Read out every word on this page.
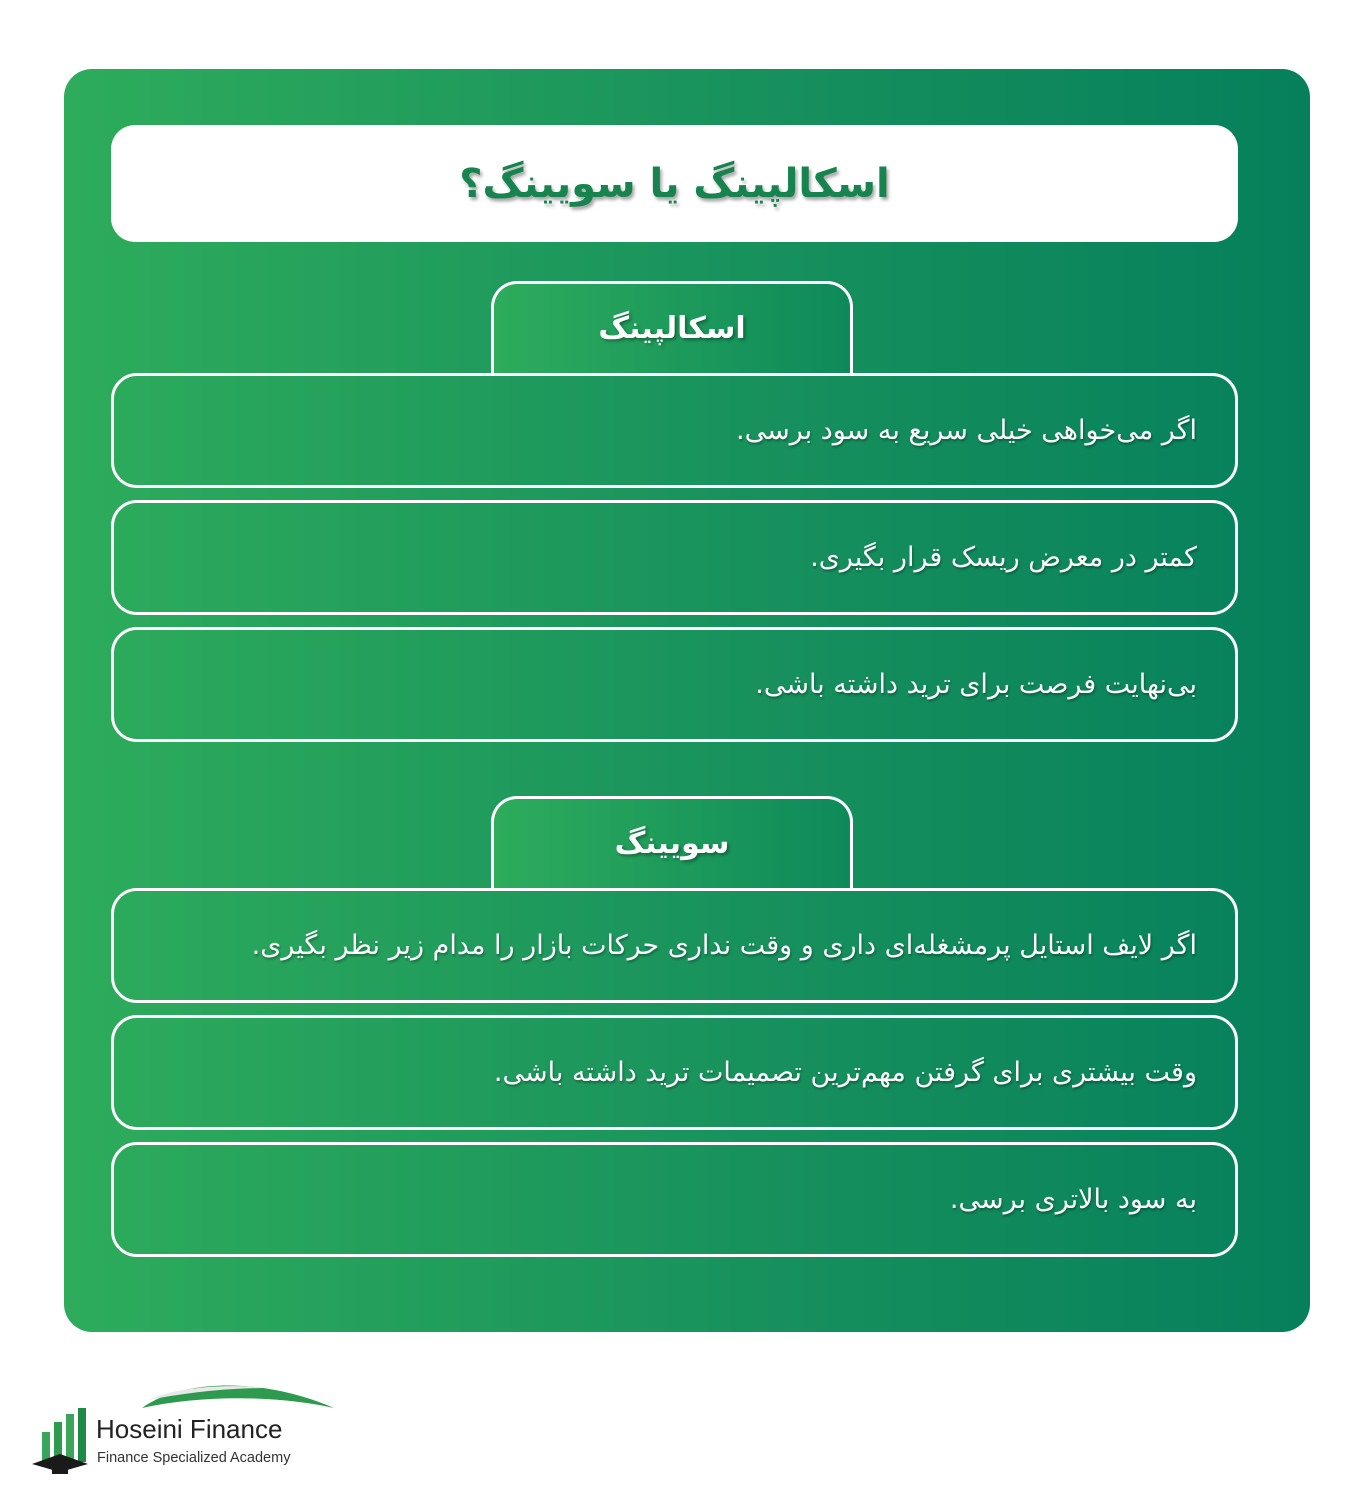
اسکالپینگ یا سویینگ؟
اسکالپینگ
اگر می‌خواهی خیلی سریع به سود برسی.
کمتر در معرض ریسک قرار بگیری.
بی‌نهایت فرصت برای ترید داشته باشی.
سویینگ
اگر لایف استایل پرمشغله‌ای داری و وقت نداری حرکات بازار را مدام زیر نظر بگیری.
وقت بیشتری برای گرفتن مهم‌ترین تصمیمات ترید داشته باشی.
به سود بالاتری برسی.
Hoseini Finance
Finance Specialized Academy
